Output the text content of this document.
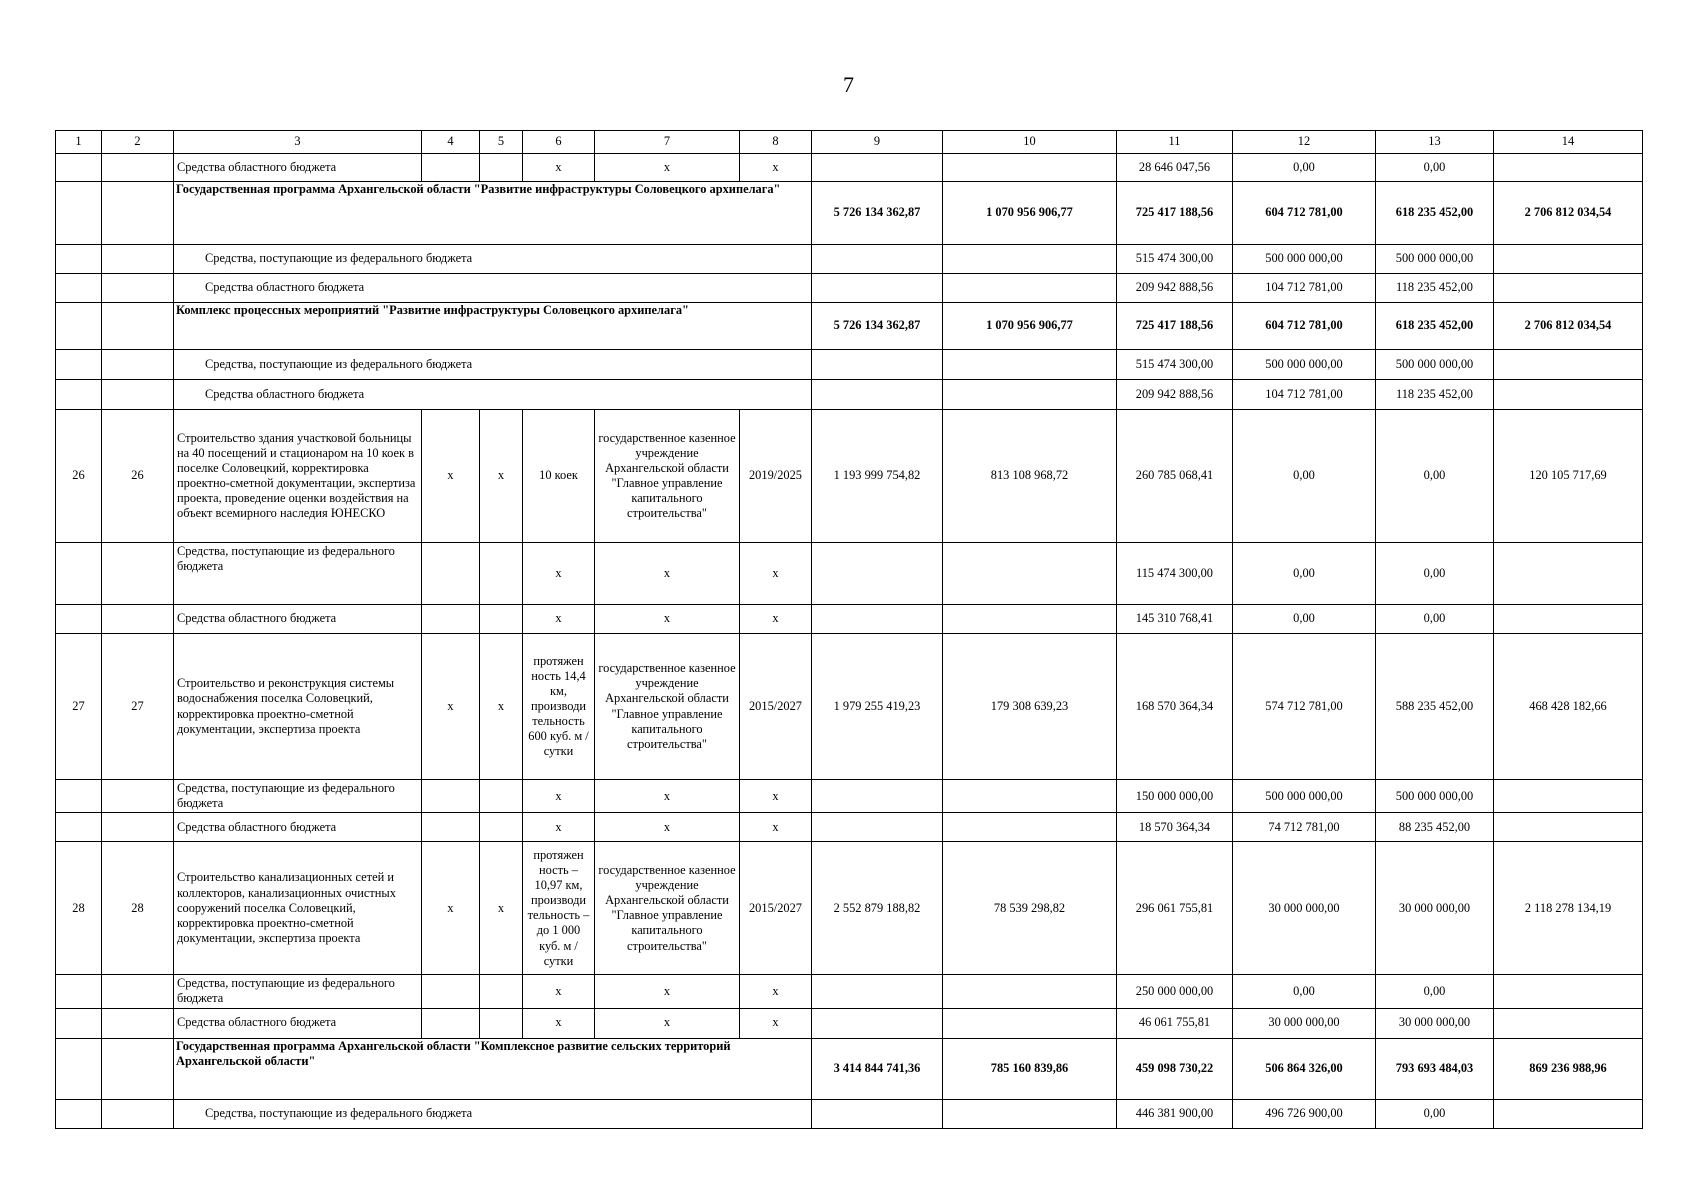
7
1	2	3	4	5	6	7	8	9	10	11	12	13	14
		Средства областного бюджета			х	х	х			28 646 047,56	0,00	0,00	
		Государственная программа Архангельской области "Развитие инфраструктуры Соловецкого архипелага"						5 726 134 362,87	1 070 956 906,77	725 417 188,56	604 712 781,00	618 235 452,00	2 706 812 034,54
		Средства, поступающие из федерального бюджета								515 474 300,00	500 000 000,00	500 000 000,00	
		Средства областного бюджета								209 942 888,56	104 712 781,00	118 235 452,00	
		Комплекс процессных мероприятий "Развитие инфраструктуры Соловецкого архипелага"						5 726 134 362,87	1 070 956 906,77	725 417 188,56	604 712 781,00	618 235 452,00	2 706 812 034,54
		Средства, поступающие из федерального бюджета								515 474 300,00	500 000 000,00	500 000 000,00	
		Средства областного бюджета								209 942 888,56	104 712 781,00	118 235 452,00	
26	26	Строительство здания участковой больницы на 40 посещений и стационаром на 10 коек в поселке Соловецкий, корректировка проектно-сметной документации, экспертиза проекта, проведение оценки воздействия на объект всемирного наследия ЮНЕСКО	х	х	10 коек	государственное казенное учреждение Архангельской области "Главное управление капитального строительства"	2019/2025	1 193 999 754,82	813 108 968,72	260 785 068,41	0,00	0,00	120 105 717,69
		Средства, поступающие из федерального бюджета			х	х	х			115 474 300,00	0,00	0,00	
		Средства областного бюджета			х	х	х			145 310 768,41	0,00	0,00	
27	27	Строительство и реконструкция системы водоснабжения поселка Соловецкий, корректировка проектно-сметной документации, экспертиза проекта	х	х	протяжен ность 14,4 км, производи тельность 600 куб. м / сутки	государственное казенное учреждение Архангельской области "Главное управление капитального строительства"	2015/2027	1 979 255 419,23	179 308 639,23	168 570 364,34	574 712 781,00	588 235 452,00	468 428 182,66
		Средства, поступающие из федерального бюджета			х	х	х			150 000 000,00	500 000 000,00	500 000 000,00	
		Средства областного бюджета			х	х	х			18 570 364,34	74 712 781,00	88 235 452,00	
28	28	Строительство канализационных сетей и коллекторов, канализационных очистных сооружений поселка Соловецкий, корректировка проектно-сметной документации, экспертиза проекта	х	х	протяжен ность – 10,97 км, производи тельность – до 1 000 куб. м / сутки	государственное казенное учреждение Архангельской области "Главное управление капитального строительства"	2015/2027	2 552 879 188,82	78 539 298,82	296 061 755,81	30 000 000,00	30 000 000,00	2 118 278 134,19
		Средства, поступающие из федерального бюджета			х	х	х			250 000 000,00	0,00	0,00	
		Средства областного бюджета			х	х	х			46 061 755,81	30 000 000,00	30 000 000,00	
		Государственная программа Архангельской области "Комплексное развитие сельских территорий Архангельской области"						3 414 844 741,36	785 160 839,86	459 098 730,22	506 864 326,00	793 693 484,03	869 236 988,96
		Средства, поступающие из федерального бюджета								446 381 900,00	496 726 900,00	0,00	
